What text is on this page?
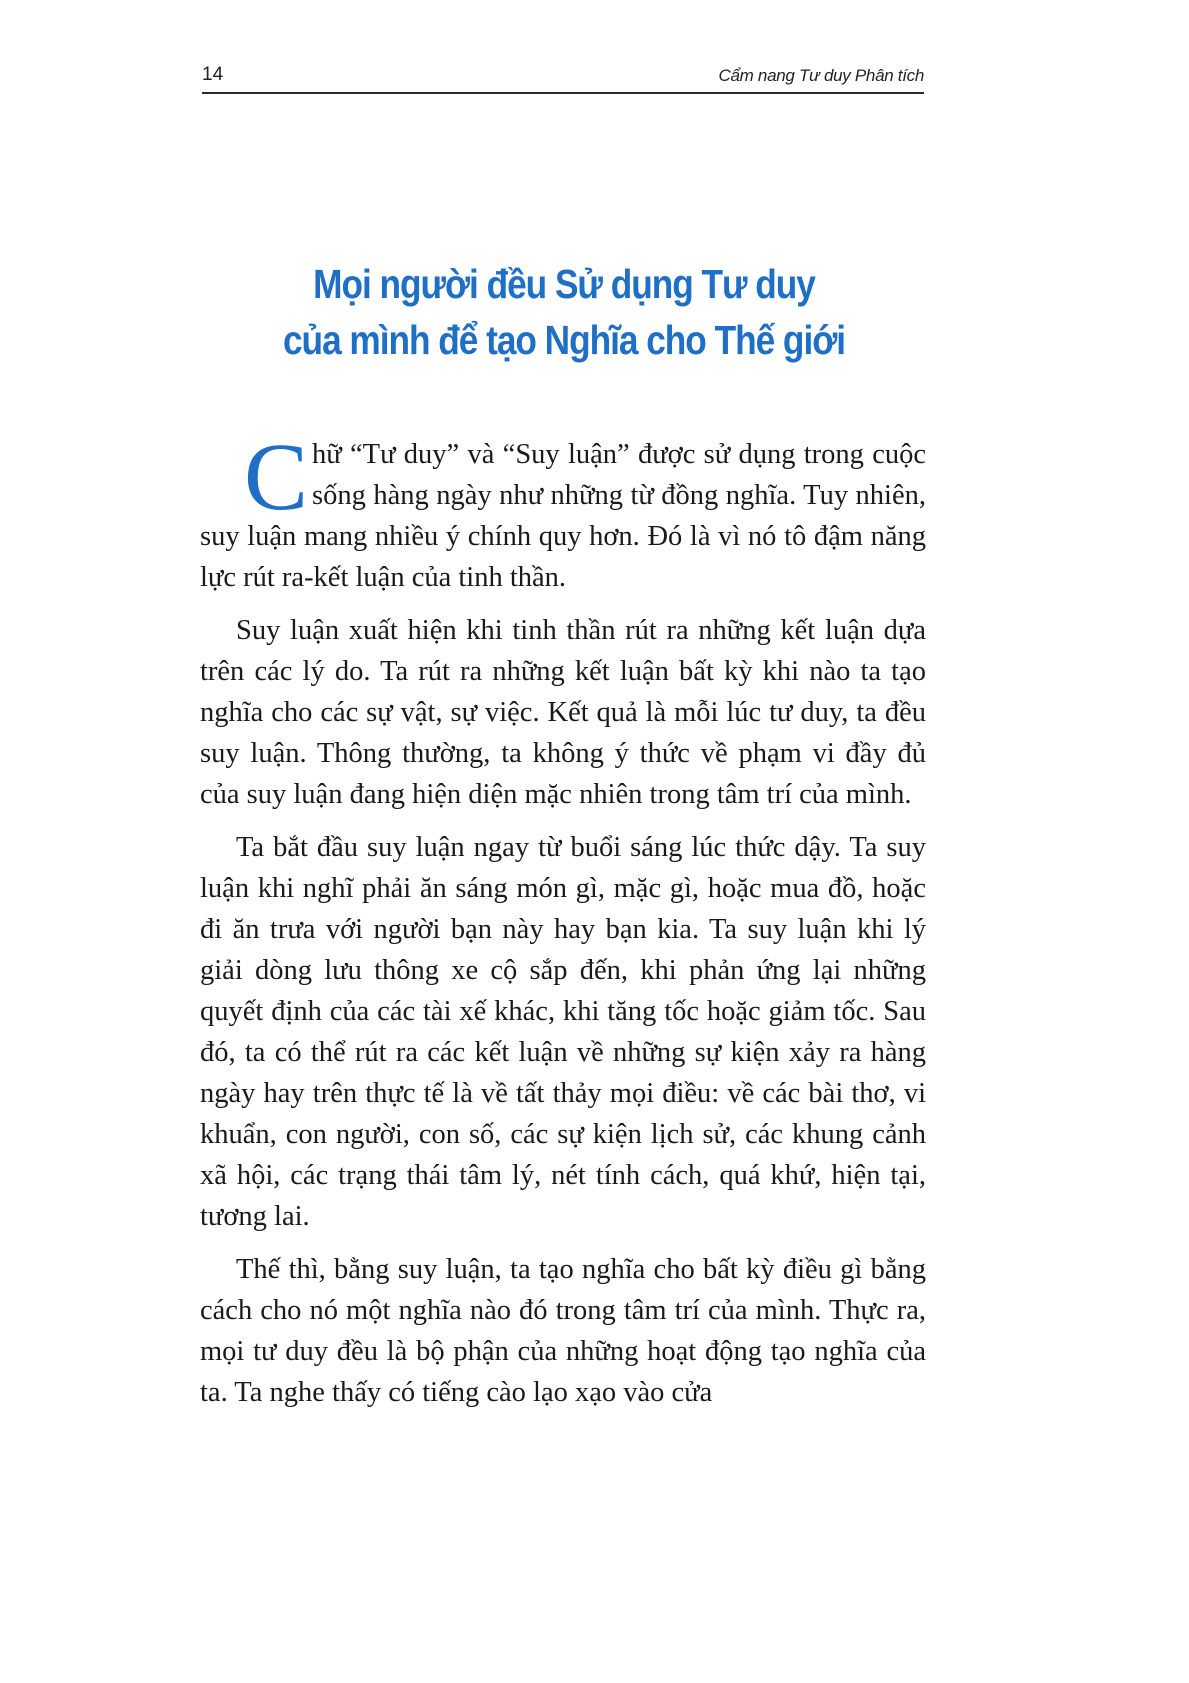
14	Cẩm nang Tư duy Phân tích
Mọi người đều Sử dụng Tư duy
của mình để tạo Nghĩa cho Thế giới

Chữ “Tư duy” và “Suy luận” được sử dụng trong cuộc sống hàng ngày như những từ đồng nghĩa. Tuy nhiên, suy luận mang nhiều ý chính quy hơn. Đó là vì nó tô đậm năng lực rút ra-kết luận của tinh thần.

Suy luận xuất hiện khi tinh thần rút ra những kết luận dựa trên các lý do. Ta rút ra những kết luận bất kỳ khi nào ta tạo nghĩa cho các sự vật, sự việc. Kết quả là mỗi lúc tư duy, ta đều suy luận. Thông thường, ta không ý thức về phạm vi đầy đủ của suy luận đang hiện diện mặc nhiên trong tâm trí của mình.

Ta bắt đầu suy luận ngay từ buổi sáng lúc thức dậy. Ta suy luận khi nghĩ phải ăn sáng món gì, mặc gì, hoặc mua đồ, hoặc đi ăn trưa với người bạn này hay bạn kia. Ta suy luận khi lý giải dòng lưu thông xe cộ sắp đến, khi phản ứng lại những quyết định của các tài xế khác, khi tăng tốc hoặc giảm tốc. Sau đó, ta có thể rút ra các kết luận về những sự kiện xảy ra hàng ngày hay trên thực tế là về tất thảy mọi điều: về các bài thơ, vi khuẩn, con người, con số, các sự kiện lịch sử, các khung cảnh xã hội, các trạng thái tâm lý, nét tính cách, quá khứ, hiện tại, tương lai.

Thế thì, bằng suy luận, ta tạo nghĩa cho bất kỳ điều gì bằng cách cho nó một nghĩa nào đó trong tâm trí của mình. Thực ra, mọi tư duy đều là bộ phận của những hoạt động tạo nghĩa của ta. Ta nghe thấy có tiếng cào lạo xạo vào cửa
